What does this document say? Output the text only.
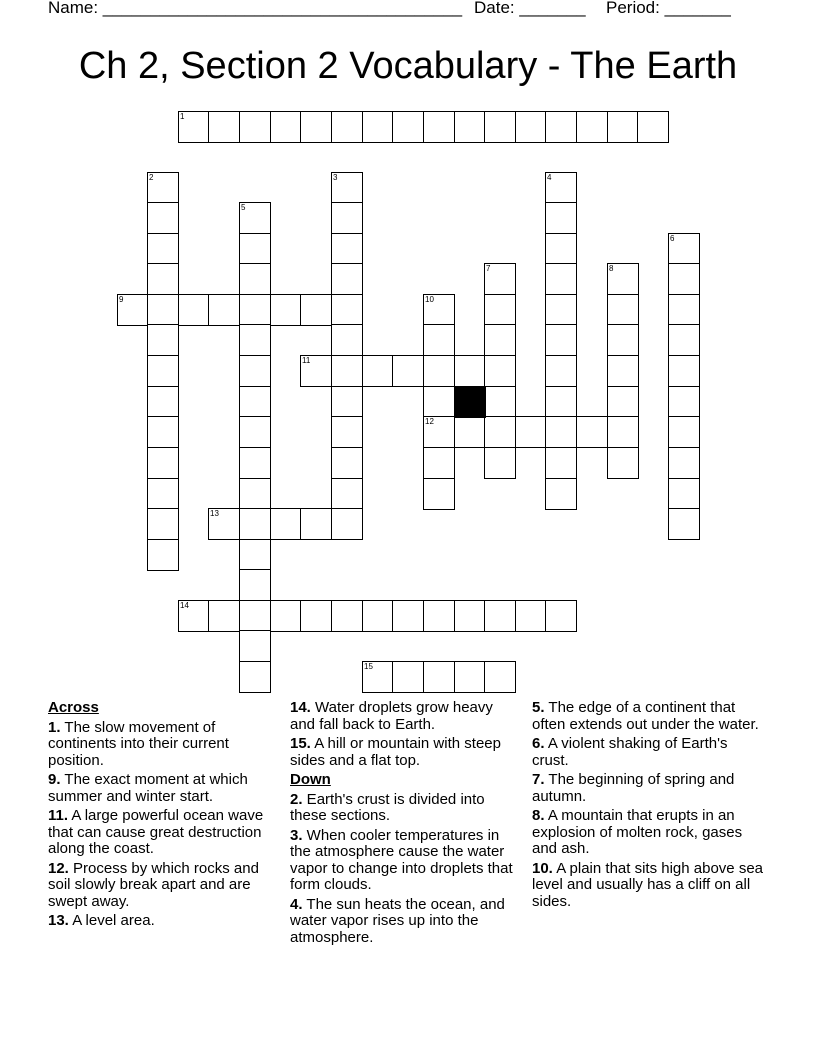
Name: ______________________________________ Date: _______ Period: _______
Ch 2, Section 2 Vocabulary - The Earth
1
2	3	4
5
6
7	8
9	10
11
12
13
14
15
Across
1. The slow movement of continents into their current position.
9. The exact moment at which summer and winter start.
11. A large powerful ocean wave that can cause great destruction along the coast.
12. Process by which rocks and soil slowly break apart and are swept away.
13. A level area.
14. Water droplets grow heavy and fall back to Earth.
15. A hill or mountain with steep sides and a flat top.
Down
2. Earth's crust is divided into these sections.
3. When cooler temperatures in the atmosphere cause the water vapor to change into droplets that form clouds.
4. The sun heats the ocean, and water vapor rises up into the atmosphere.
5. The edge of a continent that often extends out under the water.
6. A violent shaking of Earth's crust.
7. The beginning of spring and autumn.
8. A mountain that erupts in an explosion of molten rock, gases and ash.
10. A plain that sits high above sea level and usually has a cliff on all sides.
